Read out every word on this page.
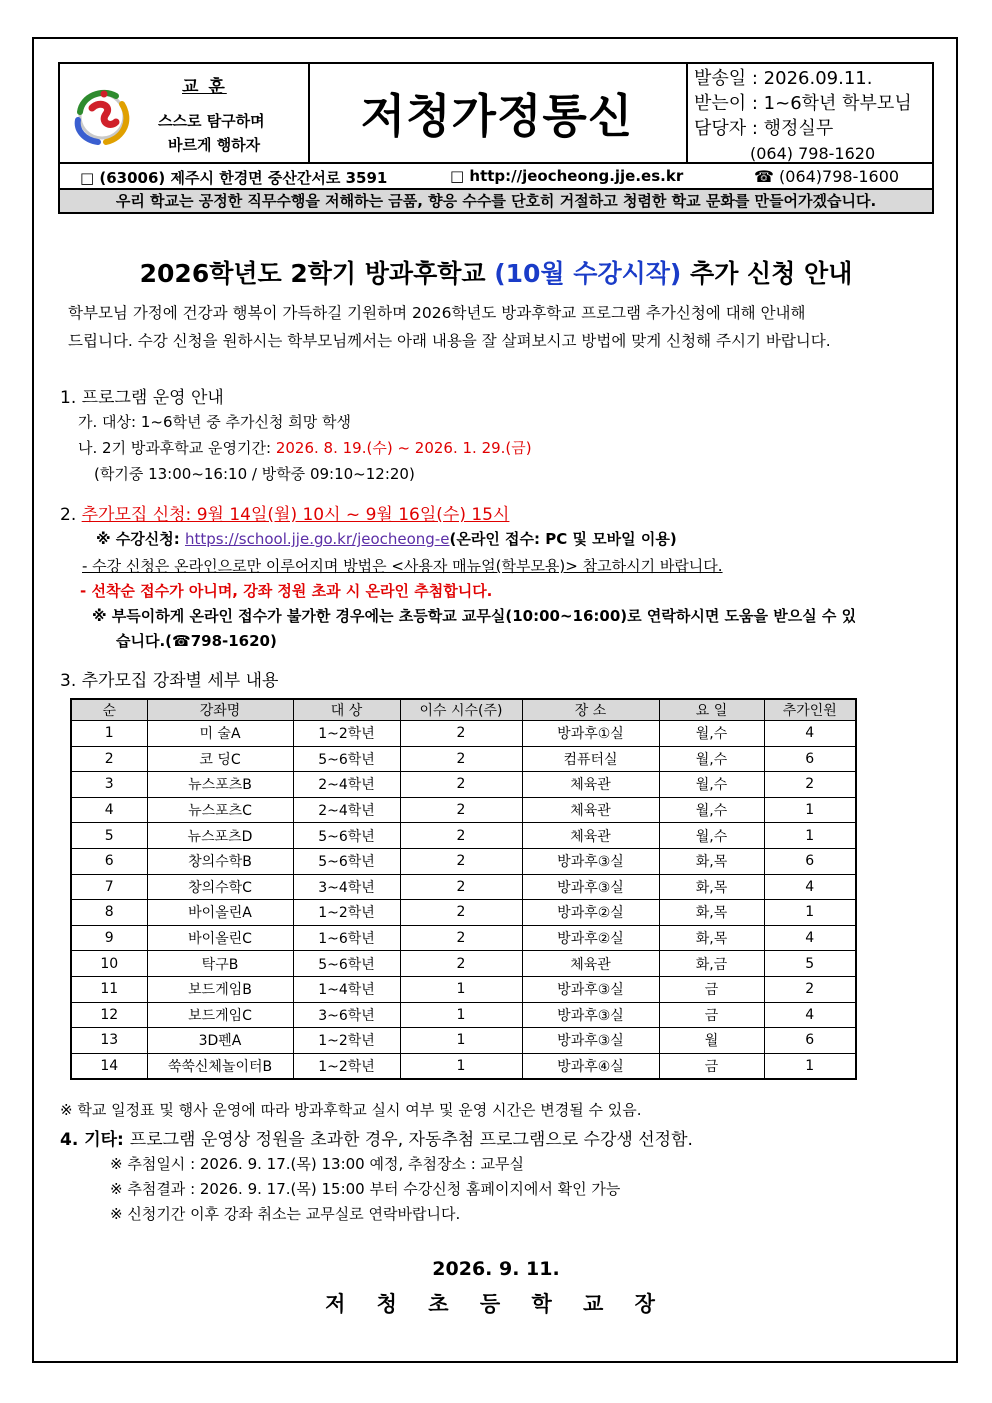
교 훈
스스로 탐구하며
바르게 행하자
저청가정통신
발송일 : 2026.09.11.
받는이 : 1~6학년 학부모님
담당자 : 행정실무
(064) 798-1620
□ (63006) 제주시 한경면 중산간서로 3591	□ http://jeocheong.jje.es.kr	☎ (064)798-1600
우리 학교는 공정한 직무수행을 저해하는 금품, 향응 수수를 단호히 거절하고 청렴한 학교 문화를 만들어가겠습니다.
2026학년도 2학기 방과후학교 (10월 수강시작) 추가 신청 안내
학부모님 가정에 건강과 행복이 가득하길 기원하며 2026학년도 방과후학교 프로그램 추가신청에 대해 안내해
드립니다. 수강 신청을 원하시는 학부모님께서는 아래 내용을 잘 살펴보시고 방법에 맞게 신청해 주시기 바랍니다.
1. 프로그램 운영 안내
가. 대상: 1~6학년 중 추가신청 희망 학생
나. 2기 방과후학교 운영기간: 2026. 8. 19.(수) ~ 2026. 1. 29.(금)
(학기중 13:00~16:10 / 방학중 09:10~12:20)
2. 추가모집 신청: 9월 14일(월) 10시 ~ 9월 16일(수) 15시
※ 수강신청: https://school.jje.go.kr/jeocheong-e(온라인 접수: PC 및 모바일 이용)
- 수강 신청은 온라인으로만 이루어지며 방법은 <사용자 매뉴얼(학부모용)> 참고하시기 바랍니다.
- 선착순 접수가 아니며, 강좌 정원 초과 시 온라인 추첨합니다.
※ 부득이하게 온라인 접수가 불가한 경우에는 초등학교 교무실(10:00~16:00)로 연락하시면 도움을 받으실 수 있
습니다.(☎798-1620)
3. 추가모집 강좌별 세부 내용
순	강좌명	대 상	이수 시수(주)	장 소	요 일	추가인원
1	미 술A	1~2학년	2	방과후①실	월,수	4
2	코 딩C	5~6학년	2	컴퓨터실	월,수	6
3	뉴스포츠B	2~4학년	2	체육관	월,수	2
4	뉴스포츠C	2~4학년	2	체육관	월,수	1
5	뉴스포츠D	5~6학년	2	체육관	월,수	1
6	창의수학B	5~6학년	2	방과후③실	화,목	6
7	창의수학C	3~4학년	2	방과후③실	화,목	4
8	바이올린A	1~2학년	2	방과후②실	화,목	1
9	바이올린C	1~6학년	2	방과후②실	화,목	4
10	탁구B	5~6학년	2	체육관	화,금	5
11	보드게임B	1~4학년	1	방과후③실	금	2
12	보드게임C	3~6학년	1	방과후③실	금	4
13	3D펜A	1~2학년	1	방과후③실	월	6
14	쑥쑥신체놀이터B	1~2학년	1	방과후④실	금	1
※ 학교 일정표 및 행사 운영에 따라 방과후학교 실시 여부 및 운영 시간은 변경될 수 있음.
4. 기타: 프로그램 운영상 정원을 초과한 경우, 자동추첨 프로그램으로 수강생 선정함.
※ 추첨일시 : 2026. 9. 17.(목) 13:00 예정, 추첨장소 : 교무실
※ 추첨결과 : 2026. 9. 17.(목) 15:00 부터 수강신청 홈페이지에서 확인 가능
※ 신청기간 이후 강좌 취소는 교무실로 연락바랍니다.
2026. 9. 11.
저 청 초 등 학 교 장
